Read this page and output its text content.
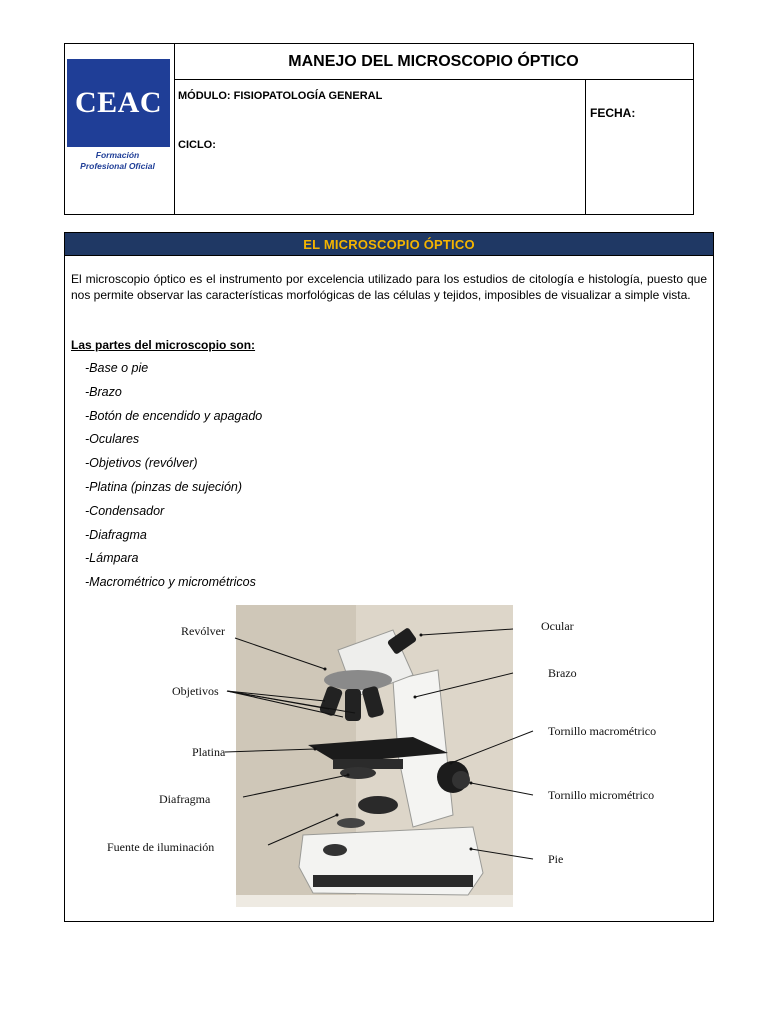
CEAC
Formación
Profesional Oficial
MANEJO DEL MICROSCOPIO ÓPTICO
MÓDULO: FISIOPATOLOGÍA GENERAL
CICLO:
FECHA:
EL MICROSCOPIO ÓPTICO
El microscopio óptico es el instrumento por excelencia utilizado para los estudios de citología e histología, puesto que nos permite observar las características morfológicas de las células y tejidos, imposibles de visualizar a simple vista.
Las partes del microscopio son:
-Base o pie
-Brazo
-Botón de encendido y apagado
-Oculares
-Objetivos (revólver)
-Platina (pinzas de sujeción)
-Condensador
-Diafragma
-Lámpara
-Macrométrico y micrométricos
Revólver
Objetivos
Platina
Diafragma
Fuente de iluminación
Ocular
Brazo
Tornillo macrométrico
Tornillo micrométrico
Pie
